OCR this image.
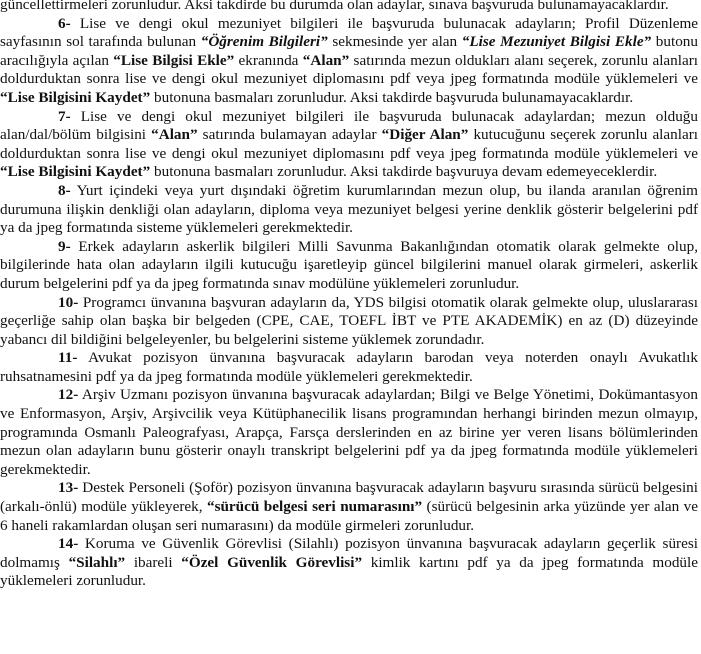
güncellettirmeleri zorunludur. Aksi takdirde bu durumda olan adaylar, sınava başvuruda bulunamayacaklardır.

6- Lise ve dengi okul mezuniyet bilgileri ile başvuruda bulunacak adayların; Profil Düzenleme sayfasının sol tarafında bulunan “Öğrenim Bilgileri” sekmesinde yer alan “Lise Mezuniyet Bilgisi Ekle” butonu aracılığıyla açılan “Lise Bilgisi Ekle” ekranında “Alan” satırında mezun oldukları alanı seçerek, zorunlu alanları doldurduktan sonra lise ve dengi okul mezuniyet diplomasını pdf veya jpeg formatında modüle yüklemeleri ve “Lise Bilgisini Kaydet” butonuna basmaları zorunludur. Aksi takdirde başvuruda bulunamayacaklardır.

7- Lise ve dengi okul mezuniyet bilgileri ile başvuruda bulunacak adaylardan; mezun olduğu alan/dal/bölüm bilgisini “Alan” satırında bulamayan adaylar “Diğer Alan” kutucuğunu seçerek zorunlu alanları doldurduktan sonra lise ve dengi okul mezuniyet diplomasını pdf veya jpeg formatında modüle yüklemeleri ve “Lise Bilgisini Kaydet” butonuna basmaları zorunludur. Aksi takdirde başvuruya devam edemeyeceklerdir.

8- Yurt içindeki veya yurt dışındaki öğretim kurumlarından mezun olup, bu ilanda aranılan öğrenim durumuna ilişkin denkliği olan adayların, diploma veya mezuniyet belgesi yerine denklik gösterir belgelerini pdf ya da jpeg formatında sisteme yüklemeleri gerekmektedir.

9- Erkek adayların askerlik bilgileri Milli Savunma Bakanlığından otomatik olarak gelmekte olup, bilgilerinde hata olan adayların ilgili kutucuğu işaretleyip güncel bilgilerini manuel olarak girmeleri, askerlik durum belgelerini pdf ya da jpeg formatında sınav modülüne yüklemeleri zorunludur.

10- Programcı ünvanına başvuran adayların da, YDS bilgisi otomatik olarak gelmekte olup, uluslararası geçerliğe sahip olan başka bir belgeden (CPE, CAE, TOEFL İBT ve PTE AKADEMİK) en az (D) düzeyinde yabancı dil bildiğini belgeleyenler, bu belgelerini sisteme yüklemek zorundadır.

11- Avukat pozisyon ünvanına başvuracak adayların barodan veya noterden onaylı Avukatlık ruhsatnamesini pdf ya da jpeg formatında modüle yüklemeleri gerekmektedir.

12- Arşiv Uzmanı pozisyon ünvanına başvuracak adaylardan; Bilgi ve Belge Yönetimi, Dokümantasyon ve Enformasyon, Arşiv, Arşivcilik veya Kütüphanecilik lisans programından herhangi birinden mezun olmayıp, programında Osmanlı Paleografyası, Arapça, Farsça derslerinden en az birine yer veren lisans bölümlerinden mezun olan adayların bunu gösterir onaylı transkript belgelerini pdf ya da jpeg formatında modüle yüklemeleri gerekmektedir.

13- Destek Personeli (Şoför) pozisyon ünvanına başvuracak adayların başvuru sırasında sürücü belgesini (arkalı-önlü) modüle yükleyerek, “sürücü belgesi seri numarasını” (sürücü belgesinin arka yüzünde yer alan ve 6 haneli rakamlardan oluşan seri numarasını) da modüle girmeleri zorunludur.

14- Koruma ve Güvenlik Görevlisi (Silahlı) pozisyon ünvanına başvuracak adayların geçerlik süresi dolmamış “Silahlı” ibareli “Özel Güvenlik Görevlisi” kimlik kartını pdf ya da jpeg formatında modüle yüklemeleri zorunludur.
